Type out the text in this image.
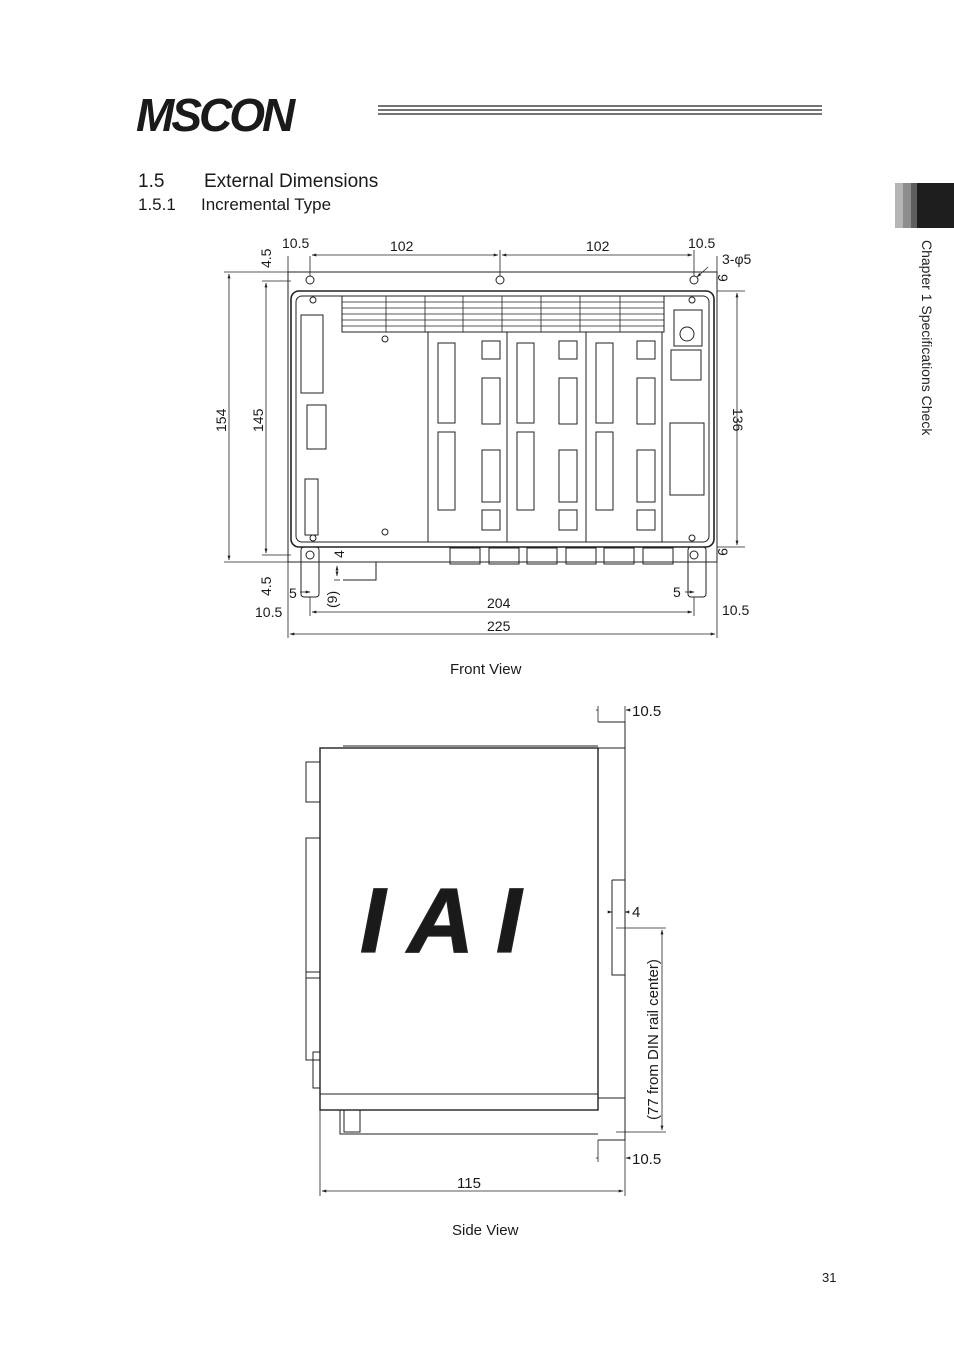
MSCON
1.5 External Dimensions
1.5.1 Incremental Type
Chapter 1 Specifications Check
10.5	102	102	10.5
3-φ5
4.5
154 145	136
9
9
4
4.5
(9)
5	5
10.5
204	10.5
225
Front View
IAI
10.5
4
(77 from DIN rail center)
10.5
115
Side View
31
